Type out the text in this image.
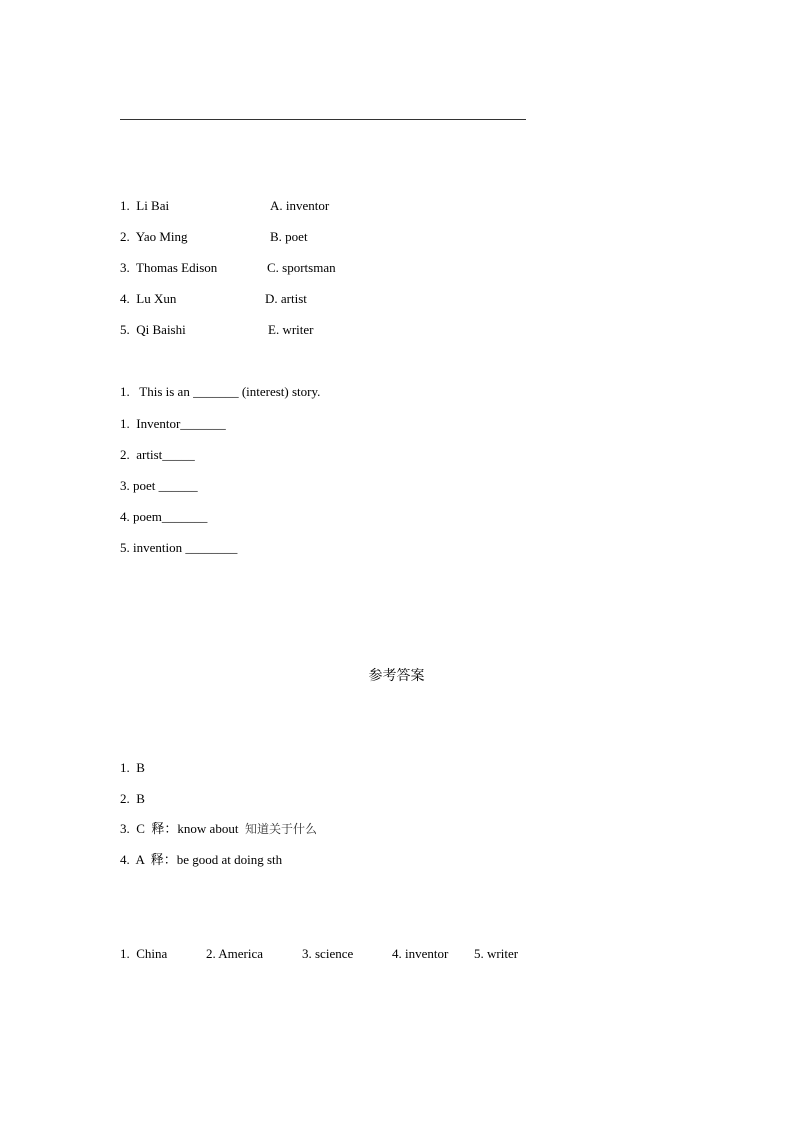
1.  Li Bai	A. inventor
2.  Yao Ming	B. poet
3.  Thomas Edison	C. sportsman
4.  Lu Xun	D. artist
5.  Qi Baishi	E. writer
1.   This is an _______ (interest) story.
1.  Inventor_______
2.  artist_____
3. poet ______
4. poem_______
5. invention ________
参考答案
1.  B
2.  B
3.  C  释：know about 知道关于什么
4.  A  释：be good at doing sth
1.  China	2. America	3. science	4. inventor 5. writer
